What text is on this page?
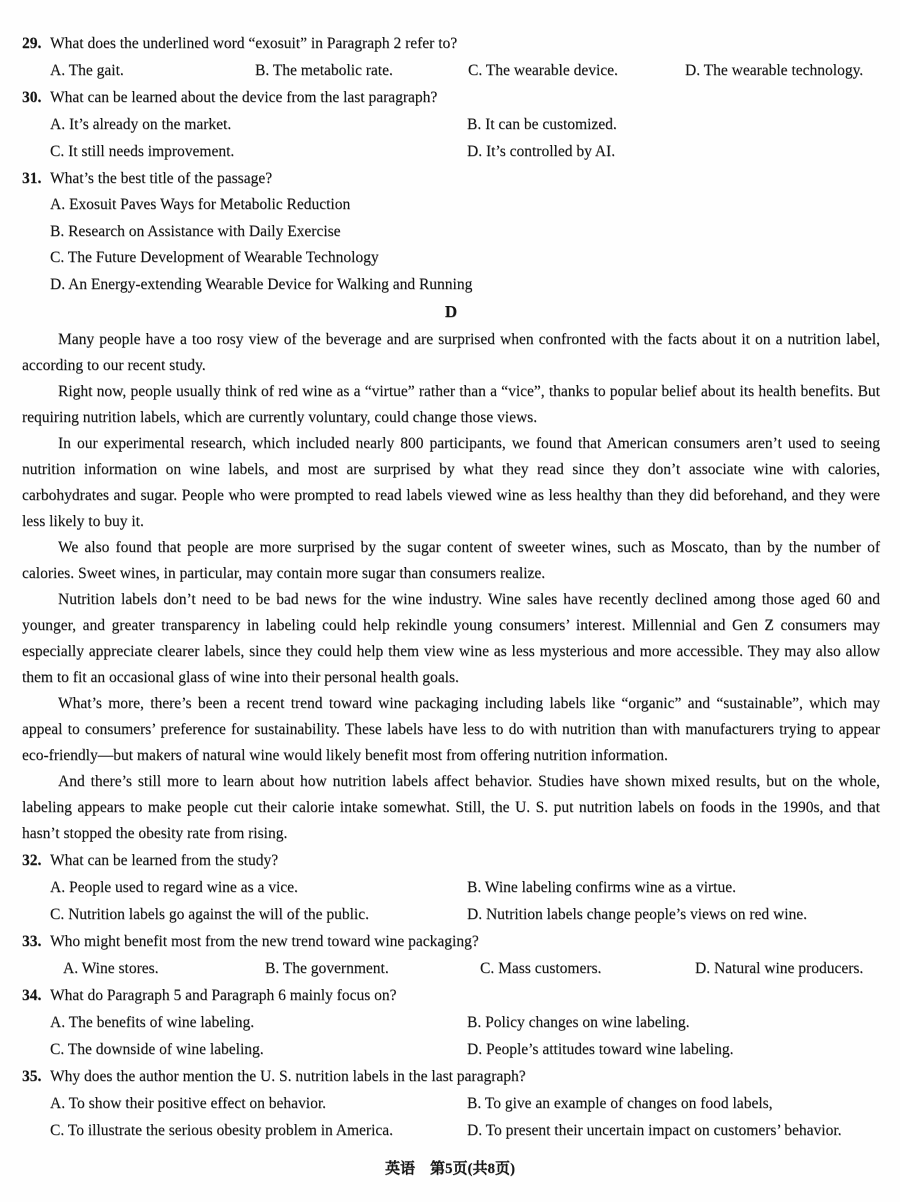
29. What does the underlined word “exosuit” in Paragraph 2 refer to?
A. The gait.	B. The metabolic rate.	C. The wearable device.	D. The wearable technology.
30. What can be learned about the device from the last paragraph?
A. It’s already on the market.	B. It can be customized.
C. It still needs improvement.	D. It’s controlled by AI.
31. What’s the best title of the passage?
A. Exosuit Paves Ways for Metabolic Reduction
B. Research on Assistance with Daily Exercise
C. The Future Development of Wearable Technology
D. An Energy-extending Wearable Device for Walking and Running
D

Many people have a too rosy view of the beverage and are surprised when confronted with the facts about it on a nutrition label, according to our recent study.

Right now, people usually think of red wine as a “virtue” rather than a “vice”, thanks to popular belief about its health benefits. But requiring nutrition labels, which are currently voluntary, could change those views.

In our experimental research, which included nearly 800 participants, we found that American consumers aren’t used to seeing nutrition information on wine labels, and most are surprised by what they read since they don’t associate wine with calories, carbohydrates and sugar. People who were prompted to read labels viewed wine as less healthy than they did beforehand, and they were less likely to buy it.

We also found that people are more surprised by the sugar content of sweeter wines, such as Moscato, than by the number of calories. Sweet wines, in particular, may contain more sugar than consumers realize.

Nutrition labels don’t need to be bad news for the wine industry. Wine sales have recently declined among those aged 60 and younger, and greater transparency in labeling could help rekindle young consumers’ interest. Millennial and Gen Z consumers may especially appreciate clearer labels, since they could help them view wine as less mysterious and more accessible. They may also allow them to fit an occasional glass of wine into their personal health goals.

What’s more, there’s been a recent trend toward wine packaging including labels like “organic” and “sustainable”, which may appeal to consumers’ preference for sustainability. These labels have less to do with nutrition than with manufacturers trying to appear eco-friendly—but makers of natural wine would likely benefit most from offering nutrition information.

And there’s still more to learn about how nutrition labels affect behavior. Studies have shown mixed results, but on the whole, labeling appears to make people cut their calorie intake somewhat. Still, the U. S. put nutrition labels on foods in the 1990s, and that hasn’t stopped the obesity rate from rising.

32. What can be learned from the study?
A. People used to regard wine as a vice.	B. Wine labeling confirms wine as a virtue.
C. Nutrition labels go against the will of the public.	D. Nutrition labels change people’s views on red wine.
33. Who might benefit most from the new trend toward wine packaging?
A. Wine stores.	B. The government.	C. Mass customers.	D. Natural wine producers.
34. What do Paragraph 5 and Paragraph 6 mainly focus on?
A. The benefits of wine labeling.	B. Policy changes on wine labeling.
C. The downside of wine labeling.	D. People’s attitudes toward wine labeling.
35. Why does the author mention the U. S. nutrition labels in the last paragraph?
A. To show their positive effect on behavior.	B. To give an example of changes on food labels,
C. To illustrate the serious obesity problem in America.	D. To present their uncertain impact on customers’ behavior.
英语　第5页(共8页)
